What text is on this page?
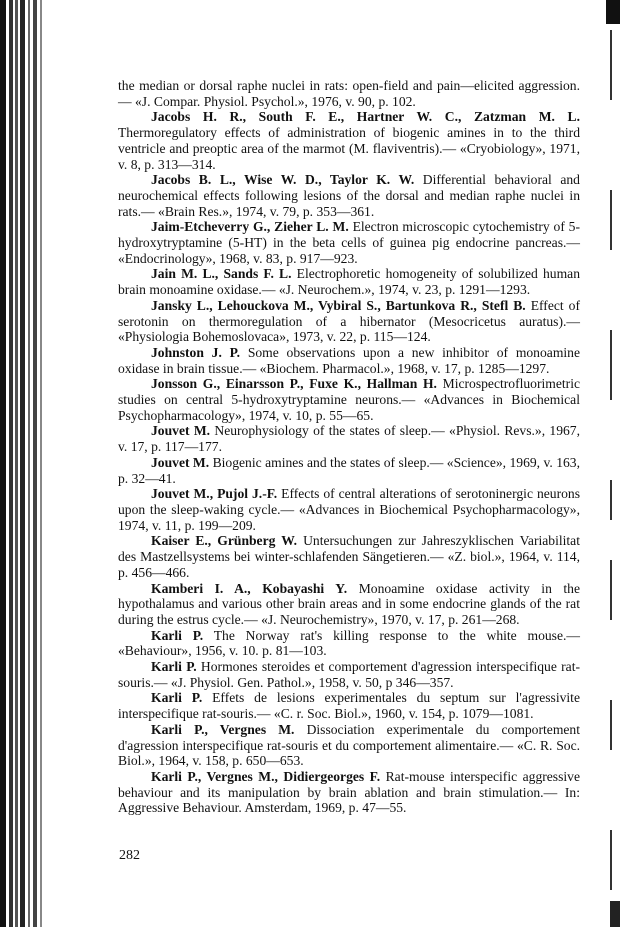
the median or dorsal raphe nuclei in rats: open-field and pain—elicited aggression.— «J. Compar. Physiol. Psychol.», 1976, v. 90, p. 102.

Jacobs H. R., South F. E., Hartner W. C., Zatzman M. L. Thermoregulatory effects of administration of biogenic amines in to the third ventricle and preoptic area of the marmot (M. flaviventris).— «Cryobiology», 1971, v. 8, p. 313—314.

Jacobs B. L., Wise W. D., Taylor K. W. Differential behavioral and neurochemical effects following lesions of the dorsal and median raphe nuclei in rats.— «Brain Res.», 1974, v. 79, p. 353—361.

Jaim-Etcheverry G., Zieher L. M. Electron microscopic cytochemistry of 5-hydroxytryptamine (5-HT) in the beta cells of guinea pig endocrine pancreas.— «Endocrinology», 1968, v. 83, p. 917—923.

Jain M. L., Sands F. L. Electrophoretic homogeneity of solubilized human brain monoamine oxidase.— «J. Neurochem.», 1974, v. 23, p. 1291—1293.

Jansky L., Lehouckova M., Vybiral S., Bartunkova R., Stefl B. Effect of serotonin on thermoregulation of a hibernator (Mesocricetus auratus).— «Physiologia Bohemoslovaca», 1973, v. 22, p. 115—124.

Johnston J. P. Some observations upon a new inhibitor of monoamine oxidase in brain tissue.— «Biochem. Pharmacol.», 1968, v. 17, p. 1285—1297.

Jonsson G., Einarsson P., Fuxe K., Hallman H. Microspectrofluorimetric studies on central 5-hydroxytryptamine neurons.— «Advances in Biochemical Psychopharmacology», 1974, v. 10, p. 55—65.

Jouvet M. Neurophysiology of the states of sleep.— «Physiol. Revs.», 1967, v. 17, p. 117—177.

Jouvet M. Biogenic amines and the states of sleep.— «Science», 1969, v. 163, p. 32—41.

Jouvet M., Pujol J.-F. Effects of central alterations of serotoninergic neurons upon the sleep-waking cycle.— «Advances in Biochemical Psychopharmacology», 1974, v. 11, p. 199—209.

Kaiser E., Grünberg W. Untersuchungen zur Jahreszyklischen Variabilitat des Mastzellsystems bei winter-schlafenden Sängetieren.— «Z. biol.», 1964, v. 114, p. 456—466.

Kamberi I. A., Kobayashi Y. Monoamine oxidase activity in the hypothalamus and various other brain areas and in some endocrine glands of the rat during the estrus cycle.— «J. Neurochemistry», 1970, v. 17, p. 261—268.

Karli P. The Norway rat's killing response to the white mouse.— «Behaviour», 1956, v. 10. p. 81—103.

Karli P. Hormones steroides et comportement d'agression interspecifique rat-souris.— «J. Physiol. Gen. Pathol.», 1958, v. 50, p 346—357.

Karli P. Effets de lesions experimentales du septum sur l'agressivite interspecifique rat-souris.— «C. r. Soc. Biol.», 1960, v. 154, p. 1079—1081.

Karli P., Vergnes M. Dissociation experimentale du comportement d'agression interspecifique rat-souris et du comportement alimentaire.— «C. R. Soc. Biol.», 1964, v. 158, p. 650—653.

Karli P., Vergnes M., Didiergeorges F. Rat-mouse interspecific aggressive behaviour and its manipulation by brain ablation and brain stimulation.— In: Aggressive Behaviour. Amsterdam, 1969, p. 47—55.

282
